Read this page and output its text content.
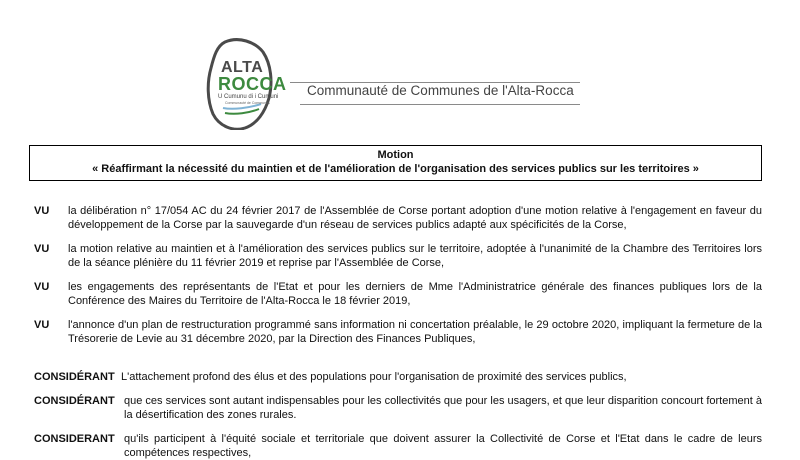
ALTA
ROCCA
U Cumunu di i Cumuni
Communauté de Communes
Communauté de Communes de l'Alta-Rocca
Motion
« Réaffirmant la nécessité du maintien et de l'amélioration de l'organisation des services publics sur les territoires »
VU la délibération n° 17/054 AC du 24 février 2017 de l'Assemblée de Corse portant adoption d'une motion relative à l'engagement en faveur du développement de la Corse par la sauvegarde d'un réseau de services publics adapté aux spécificités de la Corse,
VU la motion relative au maintien et à l'amélioration des services publics sur le territoire, adoptée à l'unanimité de la Chambre des Territoires lors de la séance plénière du 11 février 2019 et reprise par l'Assemblée de Corse,
VU les engagements des représentants de l'Etat et pour les derniers de Mme l'Administratrice générale des finances publiques lors de la Conférence des Maires du Territoire de l'Alta-Rocca le 18 février 2019,
VU l'annonce d'un plan de restructuration programmé sans information ni concertation préalable, le 29 octobre 2020, impliquant la fermeture de la Trésorerie de Levie au 31 décembre 2020, par la Direction des Finances Publiques,
CONSIDÉRANT L'attachement profond des élus et des populations pour l'organisation de proximité des services publics,
CONSIDÉRANT que ces services sont autant indispensables pour les collectivités que pour les usagers, et que leur disparition concourt fortement à la désertification des zones rurales.
CONSIDERANT qu'ils participent à l'équité sociale et territoriale que doivent assurer la Collectivité de Corse et l'Etat dans le cadre de leurs compétences respectives,
